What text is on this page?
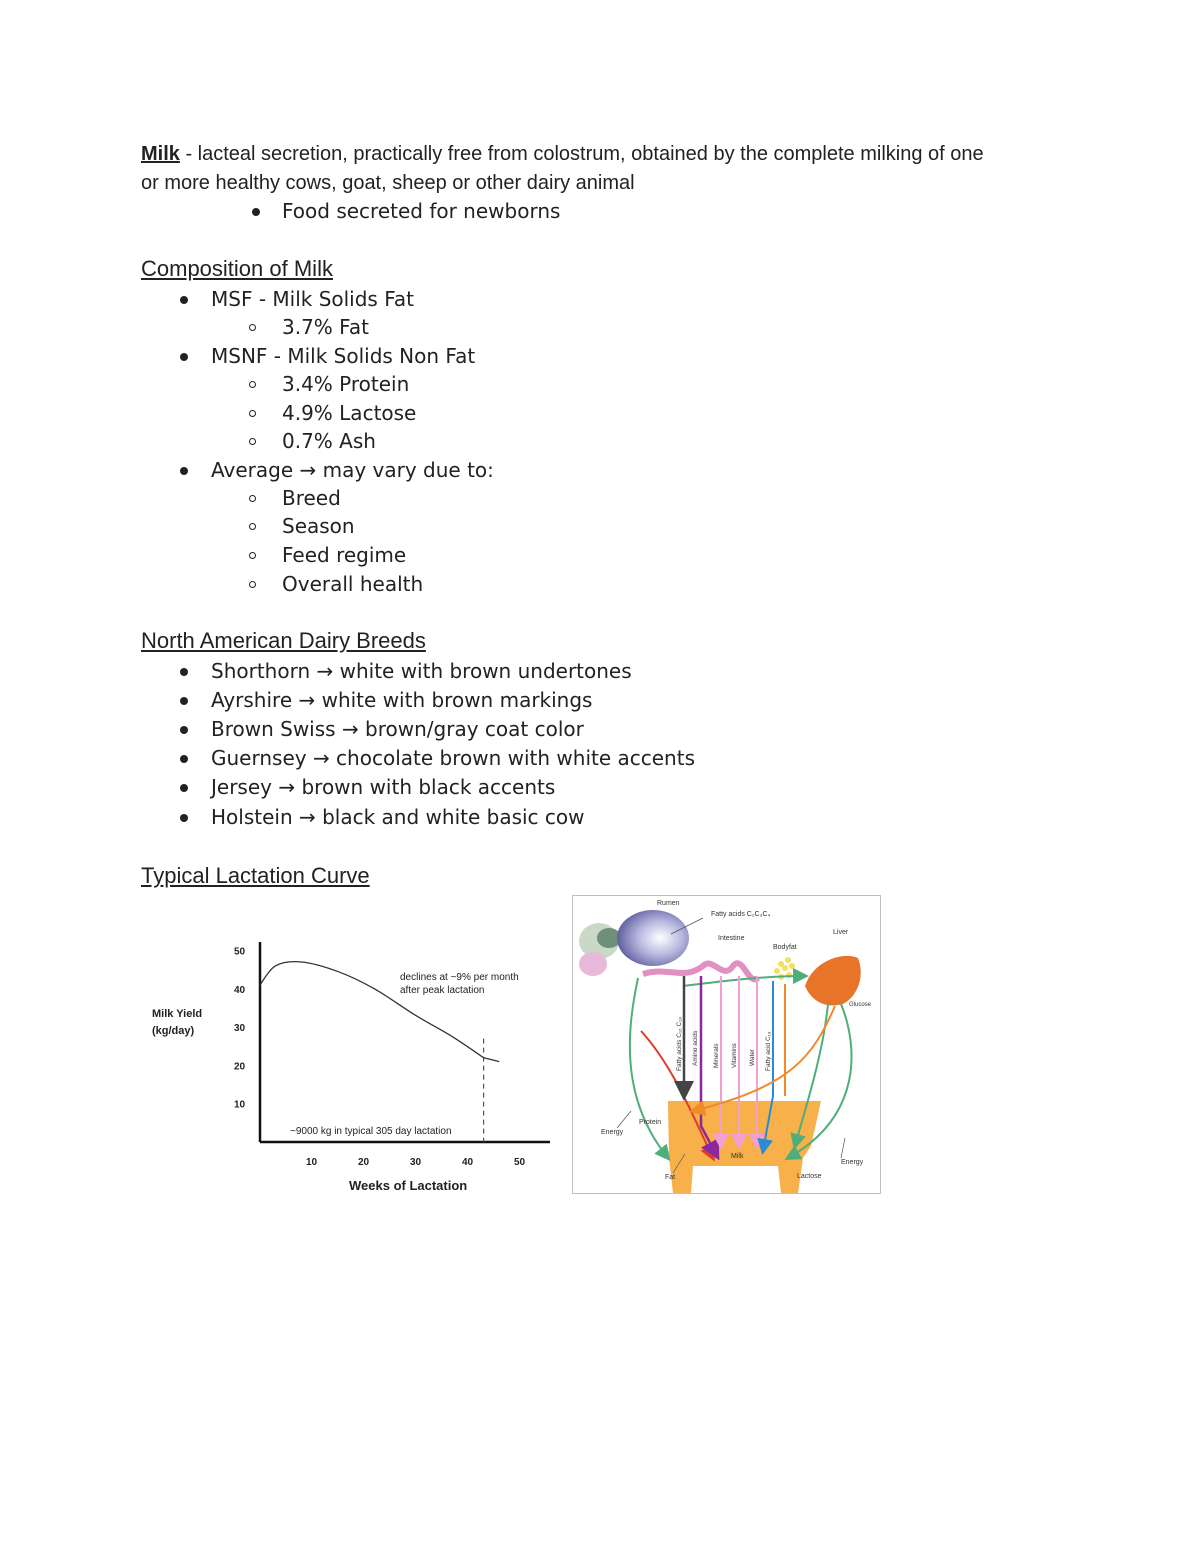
Milk - lacteal secretion, practically free from colostrum, obtained by the complete milking of one
or more healthy cows, goat, sheep or other dairy animal
Food secreted for newborns
Composition of Milk
MSF - Milk Solids Fat
3.7% Fat
MSNF - Milk Solids Non Fat
3.4% Protein
4.9% Lactose
0.7% Ash
Average → may vary due to:
Breed
Season
Feed regime
Overall health
North American Dairy Breeds
Shorthorn → white with brown undertones
Ayrshire → white with brown markings
Brown Swiss → brown/gray coat color
Guernsey → chocolate brown with white accents
Jersey → brown with black accents
Holstein → black and white basic cow
Typical Lactation Curve
Milk Yield
(kg/day)
Weeks of Lactation
declines at ~9% per month
after peak lactation
~9000 kg in typical 305 day lactation
10
20
30
40
50
10	20	30	40	50
Rumen
Fatty acids C₂C₃C₄
Intestine
Bodyfat
Liver
Glucose
Milk
Fatty acids C₁₆ C₁₈ Amino acids Minerals Vitamins Water Fatty acid C₁₈
Energy
Protein
Fat	Lactose
Energy
